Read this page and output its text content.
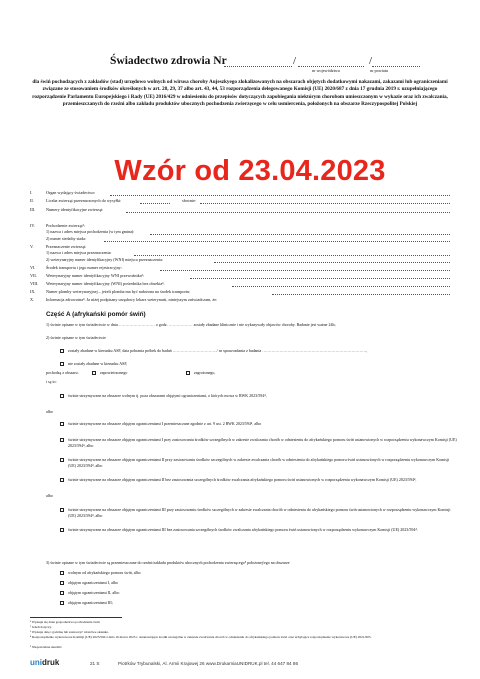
Świadectwo zdrowia Nr	/	/
nr województwa	nr powiatu
dla świń pochodzących z zakładów (stad) urzędowo wolnych od wirusa choroby Aujeszkyego zlokalizowanych na obszarach objętych dodatkowymi nakazami, zakazami lub ograniczeniami związane ze stosowaniem środków określonych w art. 28, 29, 37 albo art. 43, 44, 53 rozporządzenia delegowanego Komisji (UE) 2020/687 z dnia 17 grudnia 2019 r. uzupełniającego rozporządzenie Parlamentu Europejskiego i Rady (UE) 2016/429 w odniesieniu do przepisów dotyczących zapobiegania niektórym chorobom umieszczonym w wykazie oraz ich zwalczania, przemieszczanych do rzeźni albo zakładu produktów ubocznych pochodzenia zwierzęcego w celu usmiercenia, położonych na obszarze Rzeczypospolitej Polskiej
Wzór od 23.04.2023
I.	Organ wydający świadectwo:
II.	Liczba zwierząt przeznaczonych do wysyłki:	słownie:
III.	Numery identyfikacyjne zwierząt:
IV.	Pochodzenie zwierząt¹:
1) nazwa i adres miejsca pochodzenia (w tym gmina):
2) numer siedziby stada:
V.	Przeznaczenie zwierząt:
1) nazwa i adres miejsca przeznaczenia:
2) weterynaryjny numer identyfikacyjny (WNI) miejsca przeznaczenia:
VI.	Środek transportu i jego numer rejestracyjny:
VII.	Weterynaryjny numer identyfikacyjny WNI przewoźnika²:
VIII.	Weterynaryjny numer identyfikacyjny (WNI) pośrednika bez obsekta³:
IX.	Numer plomby weterynaryjnej – jeżeli plomba ma być nałożona na środek transportu:
X.	Informacja zdrowotna³: Ja niżej podpisany urzędowy lekarz weterynarii, niniejszym zaświadczam, że:
Część A (afrykański pomór świń)
1) świnie opisane w tym świadectwie w dniu ……………………… o godz. ……………… zostały zbadane klinicznie i nie wykazywały objawów choroby. Badanie jest ważne 24h;
2) świnie opisane w tym świadectwie
zostały zbadane w kierunku ASF, data pobrania próbek do badań ……………………………/ nr sprawozdania z badania ……………………………………………………………………,
nie zostały zbadane w kierunku ASF,
pochodzą z obszaru:	zapowietrzonego	zagrożonego,
i są to:
świnie utrzymywane na obszarze wolnym tj. poza obszarami objętymi ograniczeniami, o których mowa w RWK 2023/594⁴,
albo
świnie utrzymywane na obszarze objętym ograniczeniami I przemieszczane zgodnie z art. 9 ust. 2 RWK 2023/594⁴, albo
świnie utrzymywane na obszarze objętym ograniczeniami I przy zastosowaniu środków szczególnych w zakresie zwalczania chorób w odniesieniu do afrykańskiego pomoru świń ustanowionych w rozporządzeniu wykonawczym Komisji (UE) 2023/594⁴, albo
świnie utrzymywane na obszarze objętym ograniczeniami II przy zastosowaniu środków szczególnych w zakresie zwalczania chorób w odniesieniu do afrykańskiego pomoru świń ustanowionych w rozporządzeniu wykonawczym Komisji (UE) 2023/594⁴, albo
świnie utrzymywane na obszarze objętym ograniczeniami II bez zastosowania szczególnych środków zwalczania afrykańskiego pomoru świń ustanowionych w rozporządzeniu wykonawczym Komisji (UE) 2023/594⁴,
albo
świnie utrzymywane na obszarze objętym ograniczeniami III przy zastosowaniu środków szczególnych w zakresie zwalczania chorób w odniesieniu do afrykańskiego pomoru świń ustanowionych w rozporządzeniu wykonawczym Komisji (UE) 2023/594⁴, albo
świnie utrzymywane na obszarze objętym ograniczeniami III bez zastosowania szczególnych środków zwalczania afrykańskiego pomoru świń ustanowionych w rozporządzeniu wykonawczym Komisji (UE) 2023/594⁴.
3) świnie opisane w tym świadectwie są przemieszczane do rzeźni/zakładu produktów ubocznych pochodzenia zwierzęcego⁵ położonej/ego na obszarze
wolnym od afrykańskiego pomoru świń, albo
objętym ograniczeniami I, albo
objętym ograniczeniami II, albo
objętym ograniczeniami III;
¹ Wpisuje się dane gospodarstwa pochodzenia świń
² Jeżeli dotyczy.
³ Wpisuje datę i godzinę lub zaznaczyć właściwe okienko.
⁴ Rozporządzenie wykonawcze Komisji (UE) 2023/594 z dnia 16 marca 2023 r. ustanawiające środki szczególne w zakresie zwalczania chorób w odniesieniu do afrykańskiego pomoru świń oraz uchylające rozporządzenie wykonawcze (UE) 2021/605.
⁵ Niepotrzebne skreślić.
unidruk	21 S	Piotrków Trybunalski, Al. Armii Krajowej 26 www.DrukarniaUNIDRUK.pl tel. 44 647 84 86
